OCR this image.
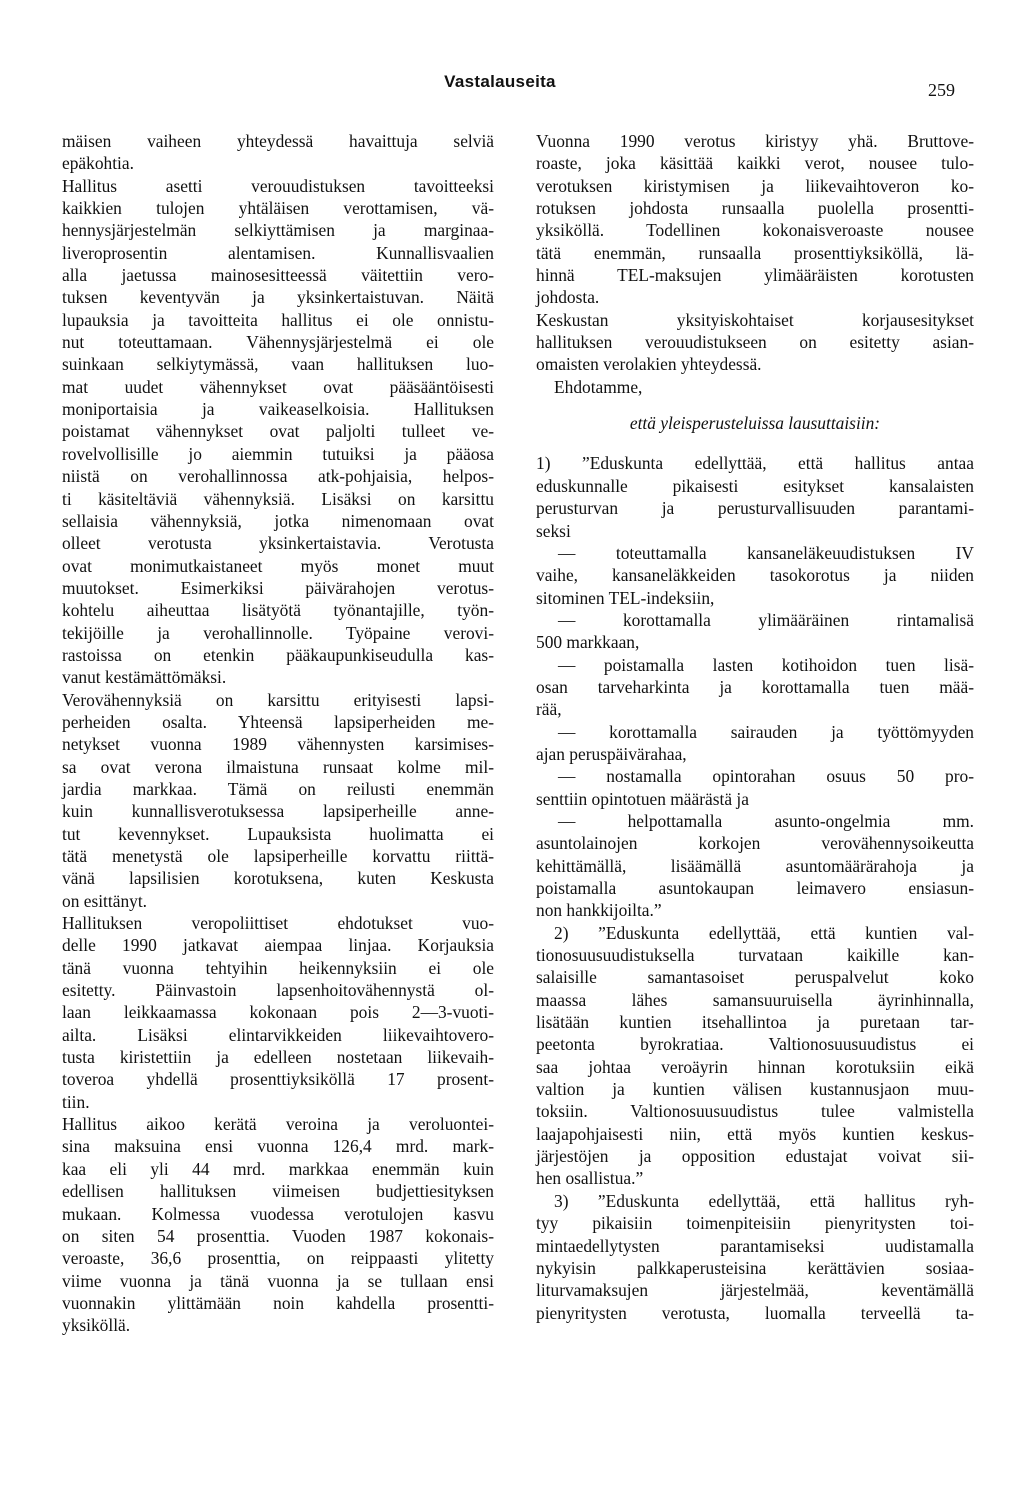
Vastalauseita	259
mäisen vaiheen yhteydessä havaittuja selviä
epäkohtia.
Hallitus asetti verouudistuksen tavoitteeksi
kaikkien tulojen yhtäläisen verottamisen, vä-
hennysjärjestelmän selkiyttämisen ja marginaa-
liveroprosentin alentamisen. Kunnallisvaalien
alla jaetussa mainosesitteessä väitettiin vero-
tuksen keventyvän ja yksinkertaistuvan. Näitä
lupauksia ja tavoitteita hallitus ei ole onnistu-
nut toteuttamaan. Vähennysjärjestelmä ei ole
suinkaan selkiytymässä, vaan hallituksen luo-
mat uudet vähennykset ovat pääsääntöisesti
moniportaisia ja vaikeaselkoisia. Hallituksen
poistamat vähennykset ovat paljolti tulleet ve-
rovelvollisille jo aiemmin tutuiksi ja pääosa
niistä on verohallinnossa atk-pohjaisia, helpos-
ti käsiteltäviä vähennyksiä. Lisäksi on karsittu
sellaisia vähennyksiä, jotka nimenomaan ovat
olleet verotusta yksinkertaistavia. Verotusta
ovat monimutkaistaneet myös monet muut
muutokset. Esimerkiksi päivärahojen verotus-
kohtelu aiheuttaa lisätyötä työnantajille, työn-
tekijöille ja verohallinnolle. Työpaine verovi-
rastoissa on etenkin pääkaupunkiseudulla kas-
vanut kestämättömäksi.
Verovähennyksiä on karsittu erityisesti lapsi-
perheiden osalta. Yhteensä lapsiperheiden me-
netykset vuonna 1989 vähennysten karsimises-
sa ovat verona ilmaistuna runsaat kolme mil-
jardia markkaa. Tämä on reilusti enemmän
kuin kunnallisverotuksessa lapsiperheille anne-
tut kevennykset. Lupauksista huolimatta ei
tätä menetystä ole lapsiperheille korvattu riittä-
vänä lapsilisien korotuksena, kuten Keskusta
on esittänyt.
Hallituksen veropoliittiset ehdotukset vuo-
delle 1990 jatkavat aiempaa linjaa. Korjauksia
tänä vuonna tehtyihin heikennyksiin ei ole
esitetty. Päinvastoin lapsenhoitovähennystä ol-
laan leikkaamassa kokonaan pois 2—3-vuoti-
ailta. Lisäksi elintarvikkeiden liikevaihtovero-
tusta kiristettiin ja edelleen nostetaan liikevaih-
toveroa yhdellä prosenttiyksiköllä 17 prosent-
tiin.
Hallitus aikoo kerätä veroina ja veroluontei-
sina maksuina ensi vuonna 126,4 mrd. mark-
kaa eli yli 44 mrd. markkaa enemmän kuin
edellisen hallituksen viimeisen budjettiesityksen
mukaan. Kolmessa vuodessa verotulojen kasvu
on siten 54 prosenttia. Vuoden 1987 kokonais-
veroaste, 36,6 prosenttia, on reippaasti ylitetty
viime vuonna ja tänä vuonna ja se tullaan ensi
vuonnakin ylittämään noin kahdella prosentti-
yksiköllä.
Vuonna 1990 verotus kiristyy yhä. Bruttove-
roaste, joka käsittää kaikki verot, nousee tulo-
verotuksen kiristymisen ja liikevaihtoveron ko-
rotuksen johdosta runsaalla puolella prosentti-
yksiköllä. Todellinen kokonaisveroaste nousee
tätä enemmän, runsaalla prosenttiyksiköllä, lä-
hinnä TEL-maksujen ylimääräisten korotusten
johdosta.
Keskustan yksityiskohtaiset korjausesitykset
hallituksen verouudistukseen on esitetty asian-
omaisten verolakien yhteydessä.
Ehdotamme,
että yleisperusteluissa lausuttaisiin:
1) ”Eduskunta edellyttää, että hallitus antaa
eduskunnalle pikaisesti esitykset kansalaisten
perusturvan ja perusturvallisuuden parantami-
seksi
— toteuttamalla kansaneläkeuudistuksen IV
vaihe, kansaneläkkeiden tasokorotus ja niiden
sitominen TEL-indeksiin,
— korottamalla ylimääräinen rintamalisä
500 markkaan,
— poistamalla lasten kotihoidon tuen lisä-
osan tarveharkinta ja korottamalla tuen mää-
rää,
— korottamalla sairauden ja työttömyyden
ajan peruspäivärahaa,
— nostamalla opintorahan osuus 50 pro-
senttiin opintotuen määrästä ja
— helpottamalla asunto-ongelmia mm.
asuntolainojen korkojen verovähennysoikeutta
kehittämällä, lisäämällä asuntomäärärahoja ja
poistamalla asuntokaupan leimavero ensiasun-
non hankkijoilta.”
2) ”Eduskunta edellyttää, että kuntien val-
tionosuusuudistuksella turvataan kaikille kan-
salaisille samantasoiset peruspalvelut koko
maassa lähes samansuuruisella äyrinhinnalla,
lisätään kuntien itsehallintoa ja puretaan tar-
peetonta byrokratiaa. Valtionosuusuudistus ei
saa johtaa veroäyrin hinnan korotuksiin eikä
valtion ja kuntien välisen kustannusjaon muu-
toksiin. Valtionosuusuudistus tulee valmistella
laajapohjaisesti niin, että myös kuntien keskus-
järjestöjen ja opposition edustajat voivat sii-
hen osallistua.”
3) ”Eduskunta edellyttää, että hallitus ryh-
tyy pikaisiin toimenpiteisiin pienyritysten toi-
mintaedellytysten parantamiseksi uudistamalla
nykyisin palkkaperusteisina kerättävien sosiaa-
liturvamaksujen järjestelmää, keventämällä
pienyritysten verotusta, luomalla terveellä ta-
